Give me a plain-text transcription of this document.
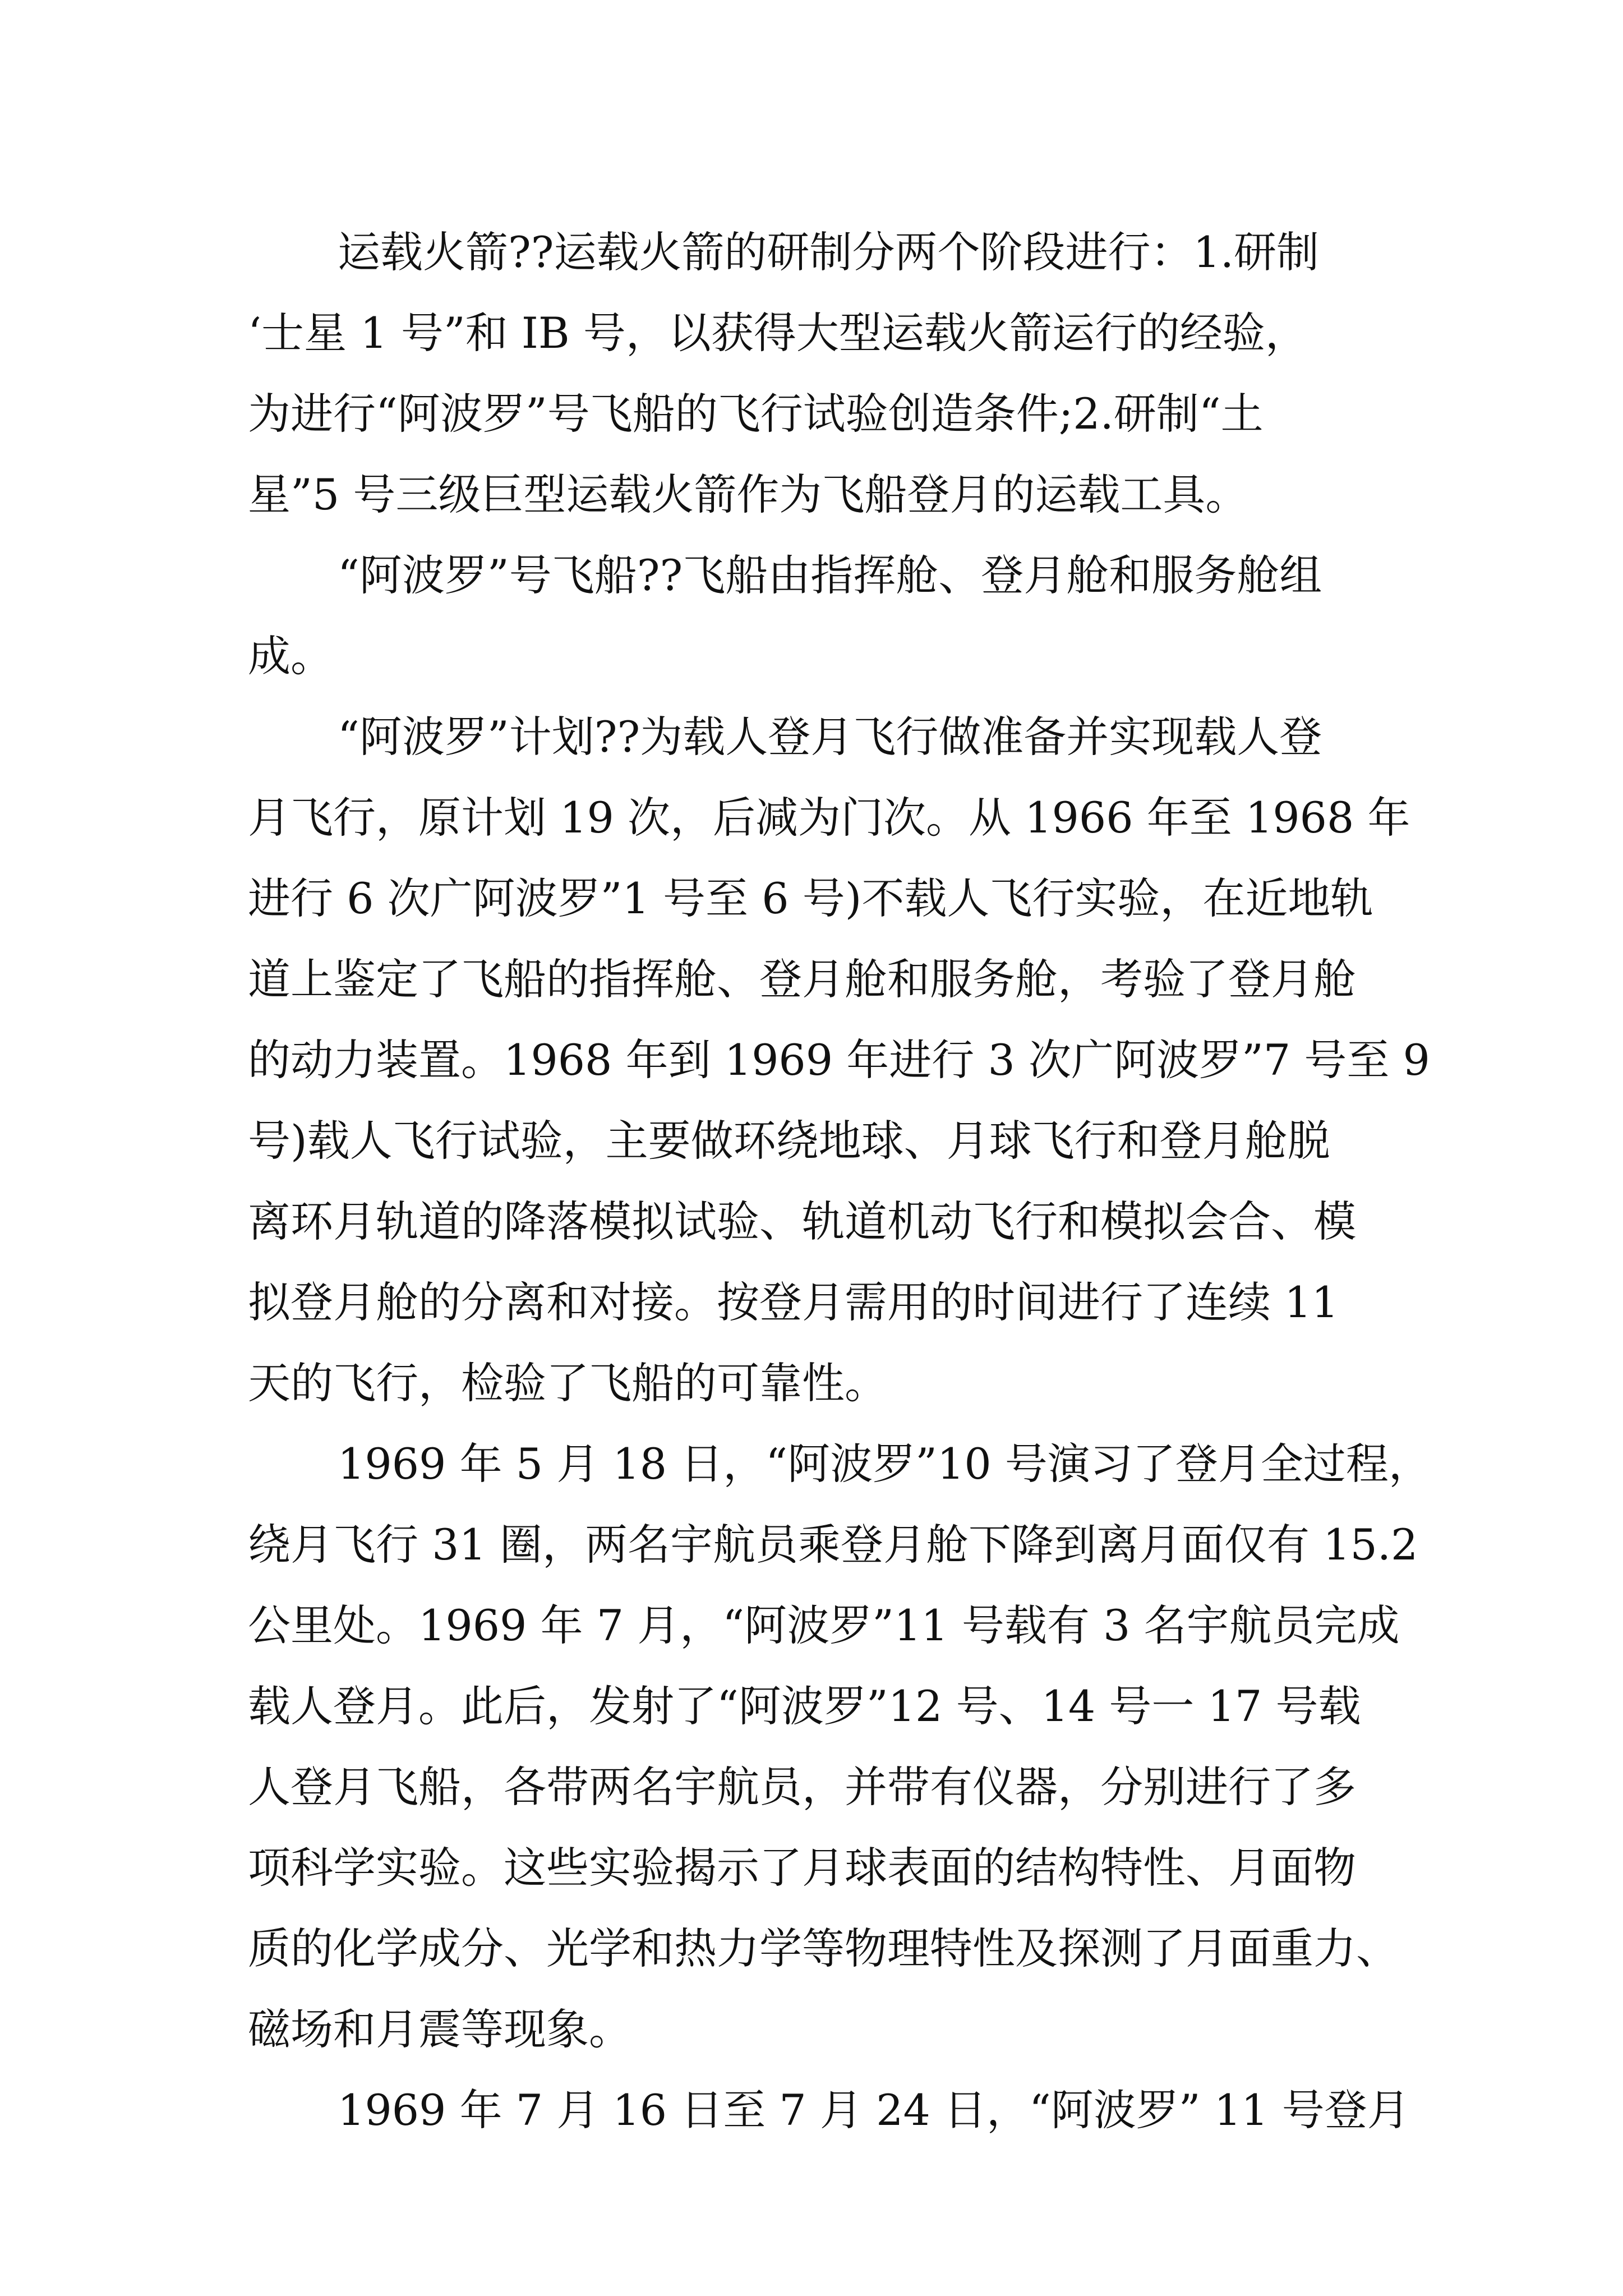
运载火箭??运载火箭的研制分两个阶段进行：1.研制
‘士星 1 号”和 IB 号，以获得大型运载火箭运行的经验，
为进行“阿波罗”号飞船的飞行试验创造条件;2.研制“土
星”5 号三级巨型运载火箭作为飞船登月的运载工具。
“阿波罗”号飞船??飞船由指挥舱、登月舱和服务舱组
成。
“阿波罗”计划??为载人登月飞行做准备并实现载人登
月飞行，原计划 19 次，后减为门次。从 1966 年至 1968 年
进行 6 次广阿波罗”1 号至 6 号)不载人飞行实验，在近地轨
道上鉴定了飞船的指挥舱、登月舱和服务舱，考验了登月舱
的动力装置。1968 年到 1969 年进行 3 次广阿波罗”7 号至 9
号)载人飞行试验，主要做环绕地球、月球飞行和登月舱脱
离环月轨道的降落模拟试验、轨道机动飞行和模拟会合、模
拟登月舱的分离和对接。按登月需用的时间进行了连续 11
天的飞行，检验了飞船的可靠性。
1969 年 5 月 18 日，“阿波罗”10 号演习了登月全过程，
绕月飞行 31 圈，两名宇航员乘登月舱下降到离月面仅有 15.2
公里处。1969 年 7 月，“阿波罗”11 号载有 3 名宇航员完成
载人登月。此后，发射了“阿波罗”12 号、14 号一 17 号载
人登月飞船，各带两名宇航员，并带有仪器，分别进行了多
项科学实验。这些实验揭示了月球表面的结构特性、月面物
质的化学成分、光学和热力学等物理特性及探测了月面重力、
磁场和月震等现象。
1969 年 7 月 16 日至 7 月 24 日，“阿波罗” 11 号登月
